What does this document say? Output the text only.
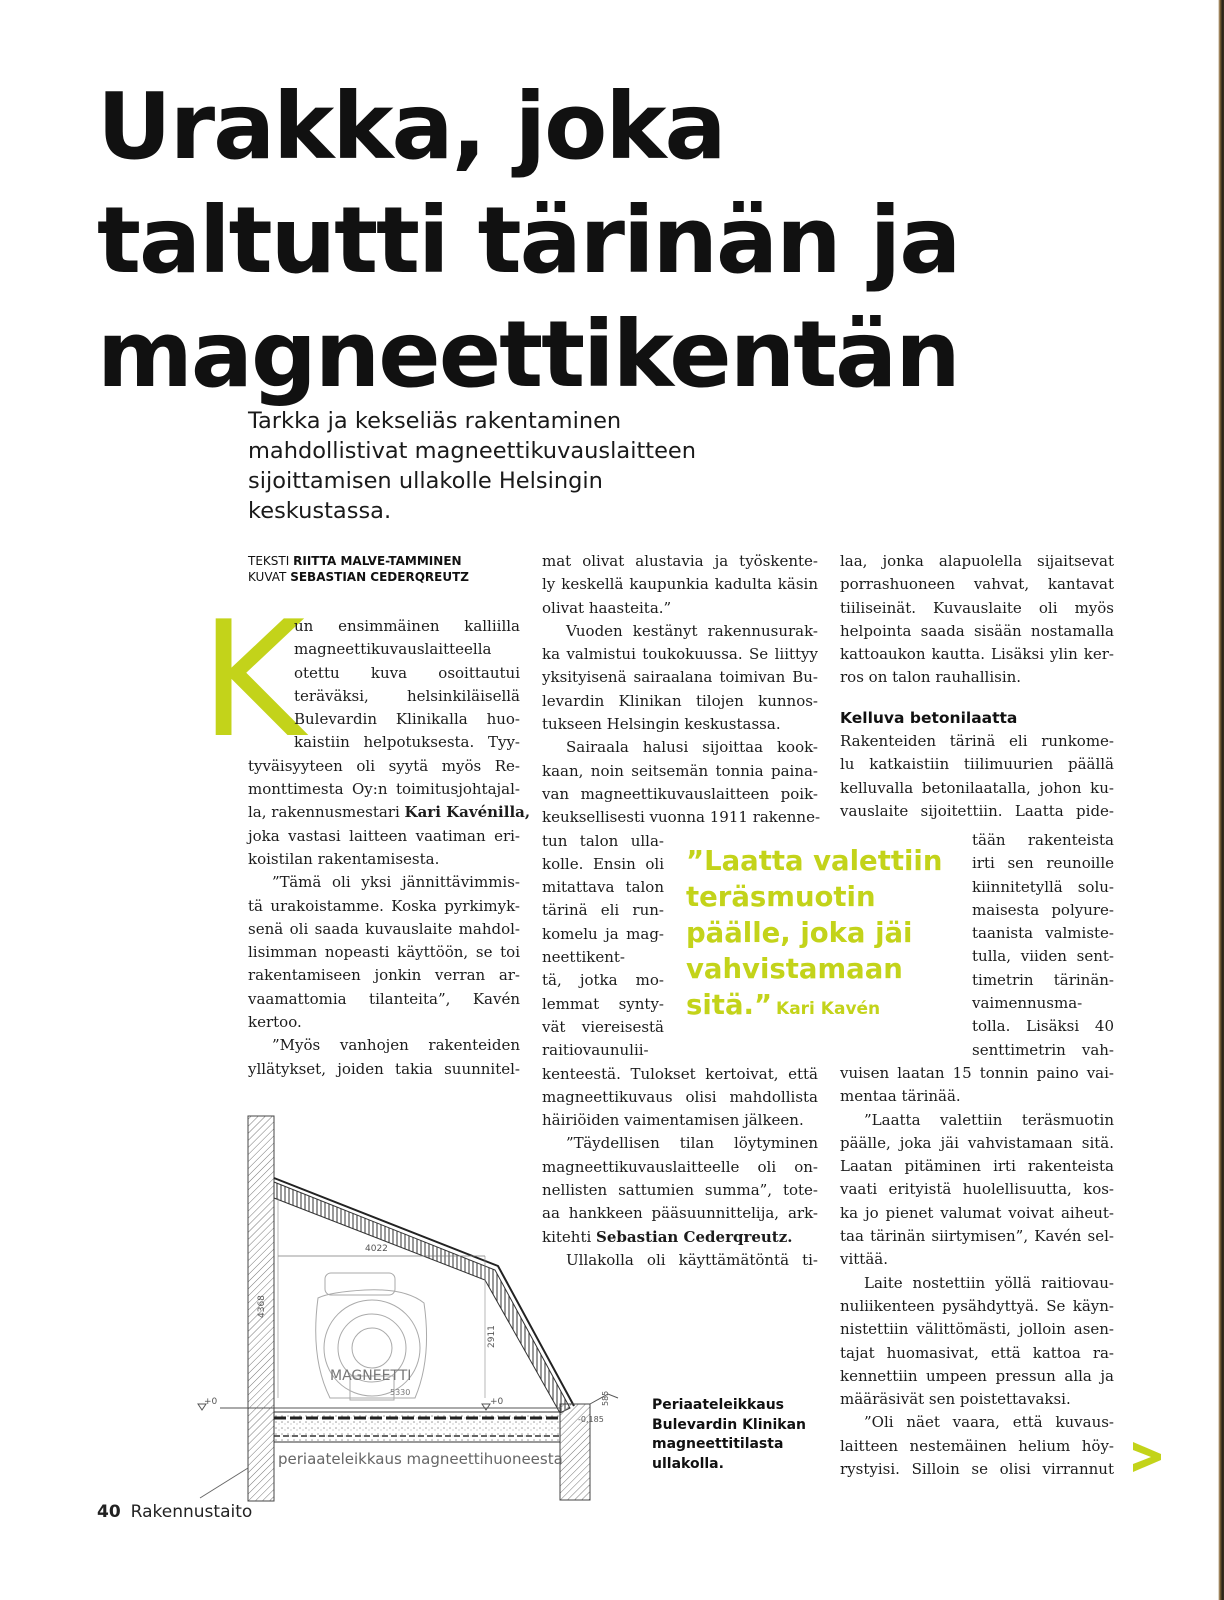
Urakka, joka
taltutti tärinän ja
magneettikentän

Tarkka ja kekseliäs rakentaminen
mahdollistivat magneettikuvauslaitteen
sijoittamisen ullakolle Helsingin
keskustassa.

TEKSTI RIITTA MALVE-TAMMINEN
KUVAT SEBASTIAN CEDERQREUTZ
K
un ensimmäinen kalliilla
magneettikuvauslaitteella
otettu kuva osoittautui
teräväksi, helsinkiläisellä
Bulevardin Klinikalla huo-
kaistiin helpotuksesta. Tyy-
tyväisyyteen oli syytä myös Re-
monttimesta Oy:n toimitusjohtajal-
la, rakennusmestari Kari Kavénilla,
joka vastasi laitteen vaatiman eri-
koistilan rakentamisesta.
”Tämä oli yksi jännittävimmis-
tä urakoistamme. Koska pyrkimyk-
senä oli saada kuvauslaite mahdol-
lisimman nopeasti käyttöön, se toi
rakentamiseen jonkin verran ar-
vaamattomia tilanteita”, Kavén
kertoo.
”Myös vanhojen rakenteiden
yllätykset, joiden takia suunnitel-
mat olivat alustavia ja työskente-
ly keskellä kaupunkia kadulta käsin
olivat haasteita.”
Vuoden kestänyt rakennusurak-
ka valmistui toukokuussa. Se liittyy
yksityisenä sairaalana toimivan Bu-
levardin Klinikan tilojen kunnos-
tukseen Helsingin keskustassa.
Sairaala halusi sijoittaa kook-
kaan, noin seitsemän tonnia paina-
van magneettikuvauslaitteen poik-
keuksellisesti vuonna 1911 rakenne-
tun talon ulla-
kolle. Ensin oli
mitattava talon
tärinä eli run-
komelu ja mag-
neettikent-
tä, jotka mo-
lemmat synty-
vät viereisestä
raitiovaunulii-
kenteestä. Tulokset kertoivat, että
magneettikuvaus olisi mahdollista
häiriöiden vaimentamisen jälkeen.
”Täydellisen tilan löytyminen
magneettikuvauslaitteelle oli on-
nellisten sattumien summa”, tote-
aa hankkeen pääsuunnittelija, ark-
kitehti Sebastian Cederqreutz.
Ullakolla oli käyttämätöntä ti-
”Laatta valettiin
teräsmuotin
päälle, joka jäi
vahvistamaan
sitä.” Kari Kavén
laa, jonka alapuolella sijaitsevat
porrashuoneen vahvat, kantavat
tiiliseinät. Kuvauslaite oli myös
helpointa saada sisään nostamalla
kattoaukon kautta. Lisäksi ylin ker-
ros on talon rauhallisin.
Kelluva betonilaatta
Rakenteiden tärinä eli runkome-
lu katkaistiin tiilimuurien päällä
kelluvalla betonilaatalla, johon ku-
vauslaite sijoitettiin. Laatta pide-
tään rakenteista
irti sen reunoille
kiinnitetyllä solu-
maisesta polyure-
taanista valmiste-
tulla, viiden sent-
timetrin tärinän-
vaimennusma-
tolla. Lisäksi 40
senttimetrin vah-
vuisen laatan 15 tonnin paino vai-
mentaa tärinää.
”Laatta valettiin teräsmuotin
päälle, joka jäi vahvistamaan sitä.
Laatan pitäminen irti rakenteista
vaati erityistä huolellisuutta, kos-
ka jo pienet valumat voivat aiheut-
taa tärinän siirtymisen”, Kavén sel-
vittää.
Laite nostettiin yöllä raitiovau-
nuliikenteen pysähdyttyä. Se käyn-
nistettiin välittömästi, jolloin asen-
tajat huomasivat, että kattoa ra-
kennettiin umpeen pressun alla ja
määräsivät sen poistettavaksi.
”Oli näet vaara, että kuvaus-
laitteen nestemäinen helium höy-
rystyisi. Silloin se olisi virrannut
4022
4368
2911
MAGNEETTI
5330
+0	+0
-0,185
585
periaateleikkaus magneettihuoneesta
Periaateleikkaus
Bulevardin Klinikan
magneettitilasta
ullakolla.
40 Rakennustaito
